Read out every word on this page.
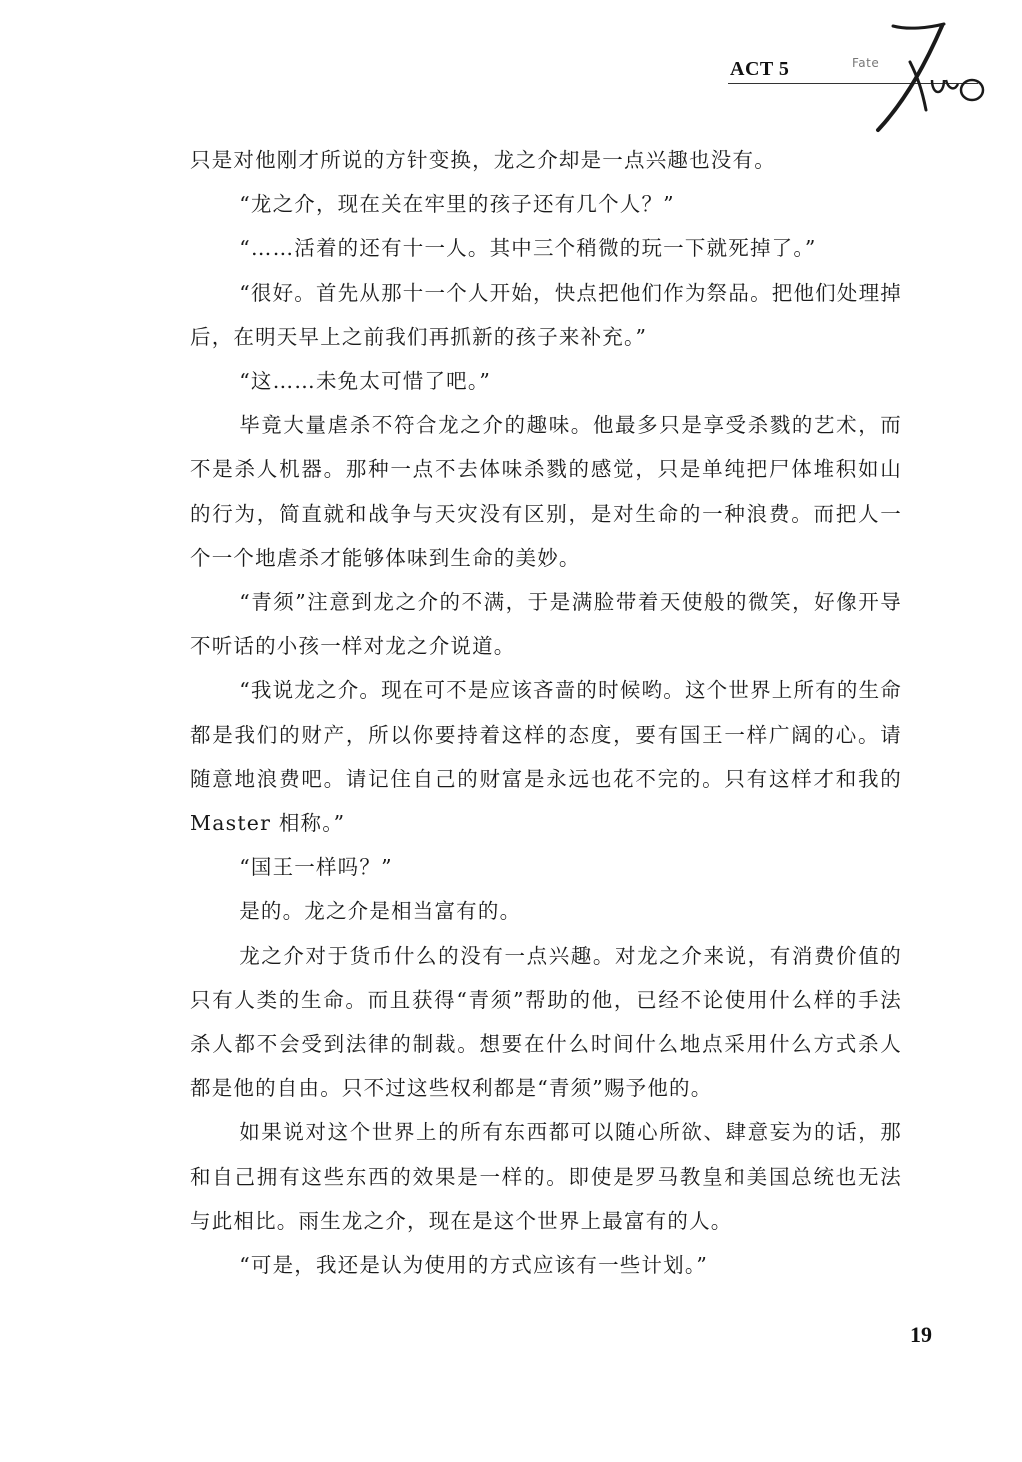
ACT 5	Fate

只是对他刚才所说的方针变换，龙之介却是一点兴趣也没有。

“龙之介，现在关在牢里的孩子还有几个人？”

“……活着的还有十一人。其中三个稍微的玩一下就死掉了。”

“很好。首先从那十一个人开始，快点把他们作为祭品。把他们处理掉后，在明天早上之前我们再抓新的孩子来补充。”

“这……未免太可惜了吧。”

毕竟大量虐杀不符合龙之介的趣味。他最多只是享受杀戮的艺术，而不是杀人机器。那种一点不去体味杀戮的感觉，只是单纯把尸体堆积如山的行为，简直就和战争与天灾没有区别，是对生命的一种浪费。而把人一个一个地虐杀才能够体味到生命的美妙。

“青须”注意到龙之介的不满，于是满脸带着天使般的微笑，好像开导不听话的小孩一样对龙之介说道。

“我说龙之介。现在可不是应该吝啬的时候哟。这个世界上所有的生命都是我们的财产，所以你要持着这样的态度，要有国王一样广阔的心。请随意地浪费吧。请记住自己的财富是永远也花不完的。只有这样才和我的 Master 相称。”

“国王一样吗？”

是的。龙之介是相当富有的。

龙之介对于货币什么的没有一点兴趣。对龙之介来说，有消费价值的只有人类的生命。而且获得“青须”帮助的他，已经不论使用什么样的手法杀人都不会受到法律的制裁。想要在什么时间什么地点采用什么方式杀人都是他的自由。只不过这些权利都是“青须”赐予他的。

如果说对这个世界上的所有东西都可以随心所欲、肆意妄为的话，那和自己拥有这些东西的效果是一样的。即使是罗马教皇和美国总统也无法与此相比。雨生龙之介，现在是这个世界上最富有的人。

“可是，我还是认为使用的方式应该有一些计划。”

19
